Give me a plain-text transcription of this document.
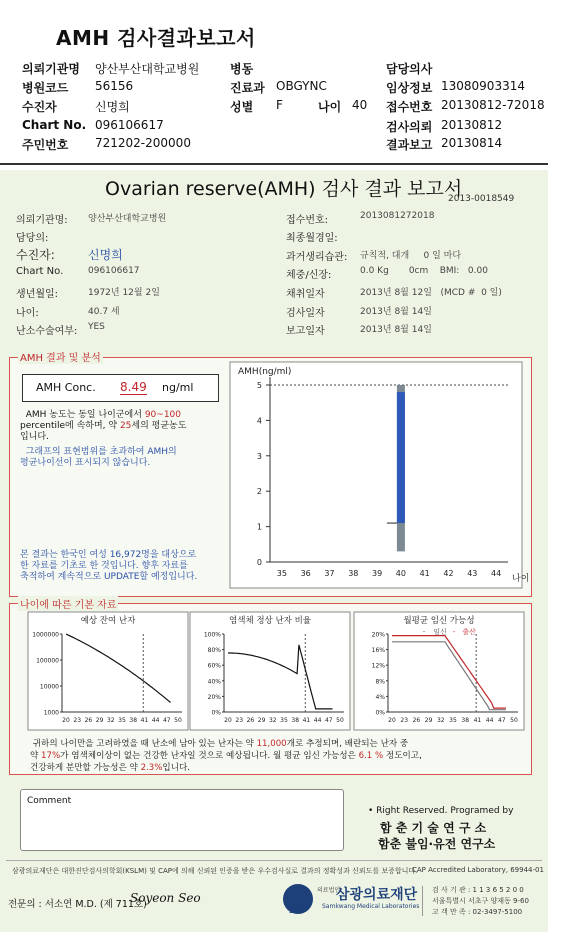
AMH 검사결과보고서
의뢰기관명	양산부산대학교병원	병동	담당의사
병원코드	56156	진료과 OBGYNC	임상정보 13080903314
수진자	신명희	성별	F	나이 40	접수번호 20130812-72018
Chart No. 096106617	검사의뢰 20130812
주민번호	721202-200000	결과보고 20130814
Ovarian reserve(AMH) 검사 결과 보고서
2013-0018549
의뢰기관명: 양산부산대학교병원
담당의:
수진자:	신명희
Chart No.	096106617
생년월일:	1972년 12월 2일
나이:	40.7 세
난소수술여부: YES
접수번호:	2013081272018
최종월경일:
과거생리습관: 규칙적, 대개     0 일 마다
체중/신장:	0.0 Kg       0cm    BMI:   0.00
채취일자	2013년 8월 12일   (MCD #  0 일)
검사일자	2013년 8월 14일
보고일자	2013년 8월 14일
AMH 결과 및 분석
AMH Conc. 8.49 ng/ml
AMH 농도는 동일 나이군에서 90~100
percentile에 속하며, 약 25세의 평균농도
입니다.
그래프의 표현범위를 초과하여 AMH의
평균나이선이 표시되지 않습니다.
본 결과는 한국인 여성 16,972명을 대상으로
한 자료를 기초로 한 것입니다. 향후 자료를
축적하여 계속적으로 UPDATE할 예정입니다.
AMH(ng/ml)
0
1
2
3
4
5
35 36 37 38 39 40 41 42 43 44
나이
나이에 따른 기본 자료
예상 잔여 난자
1000
10000
100000
1000000
20 23 26 29 32 35 38 41 44 47 50
염색체 정상 난자 비율
0%
20%
40%
60%
80%
100%
20 23 26 29 32 35 38 41 44 47 50
월평균 임신 가능성
0%
4%
8%
12%
16%
20%
20 23 26 29 32 35 38 41 44 47 50
- 임신 - 출산
귀하의 나이만을 고려하였을 때 난소에 남아 있는 난자는 약 11,000개로 추정되며, 배란되는 난자 중
약 17%가 염색체이상이 없는 건강한 난자일 것으로 예상됩니다. 월 평균 임신 가능성은 6.1 % 정도이고,
건강하게 분만할 가능성은 약 2.3%입니다.
Comment
• Right Reserved. Programed by
함 춘 기 술 연 구 소
함춘 불임·유전 연구소
삼광의료재단은 대한진단검사의학회(KSLM) 및 CAP에 의해 신뢰된 인증을 받은 우수검사실로 결과의 정확성과 신뢰도를 보증합니다.
CAP Accredited Laboratory, 69944-01
전문의 : 서소연 M.D. (제 711호)
Soyeon Seo
SML
의료법인
삼광의료재단
Samkwang Medical Laboratories
검 사 기 관 : 1 1 3 6 5 2 0 0
서울특별시 서초구 양재동 9-60
고 객 만 족 : 02-3497-5100
